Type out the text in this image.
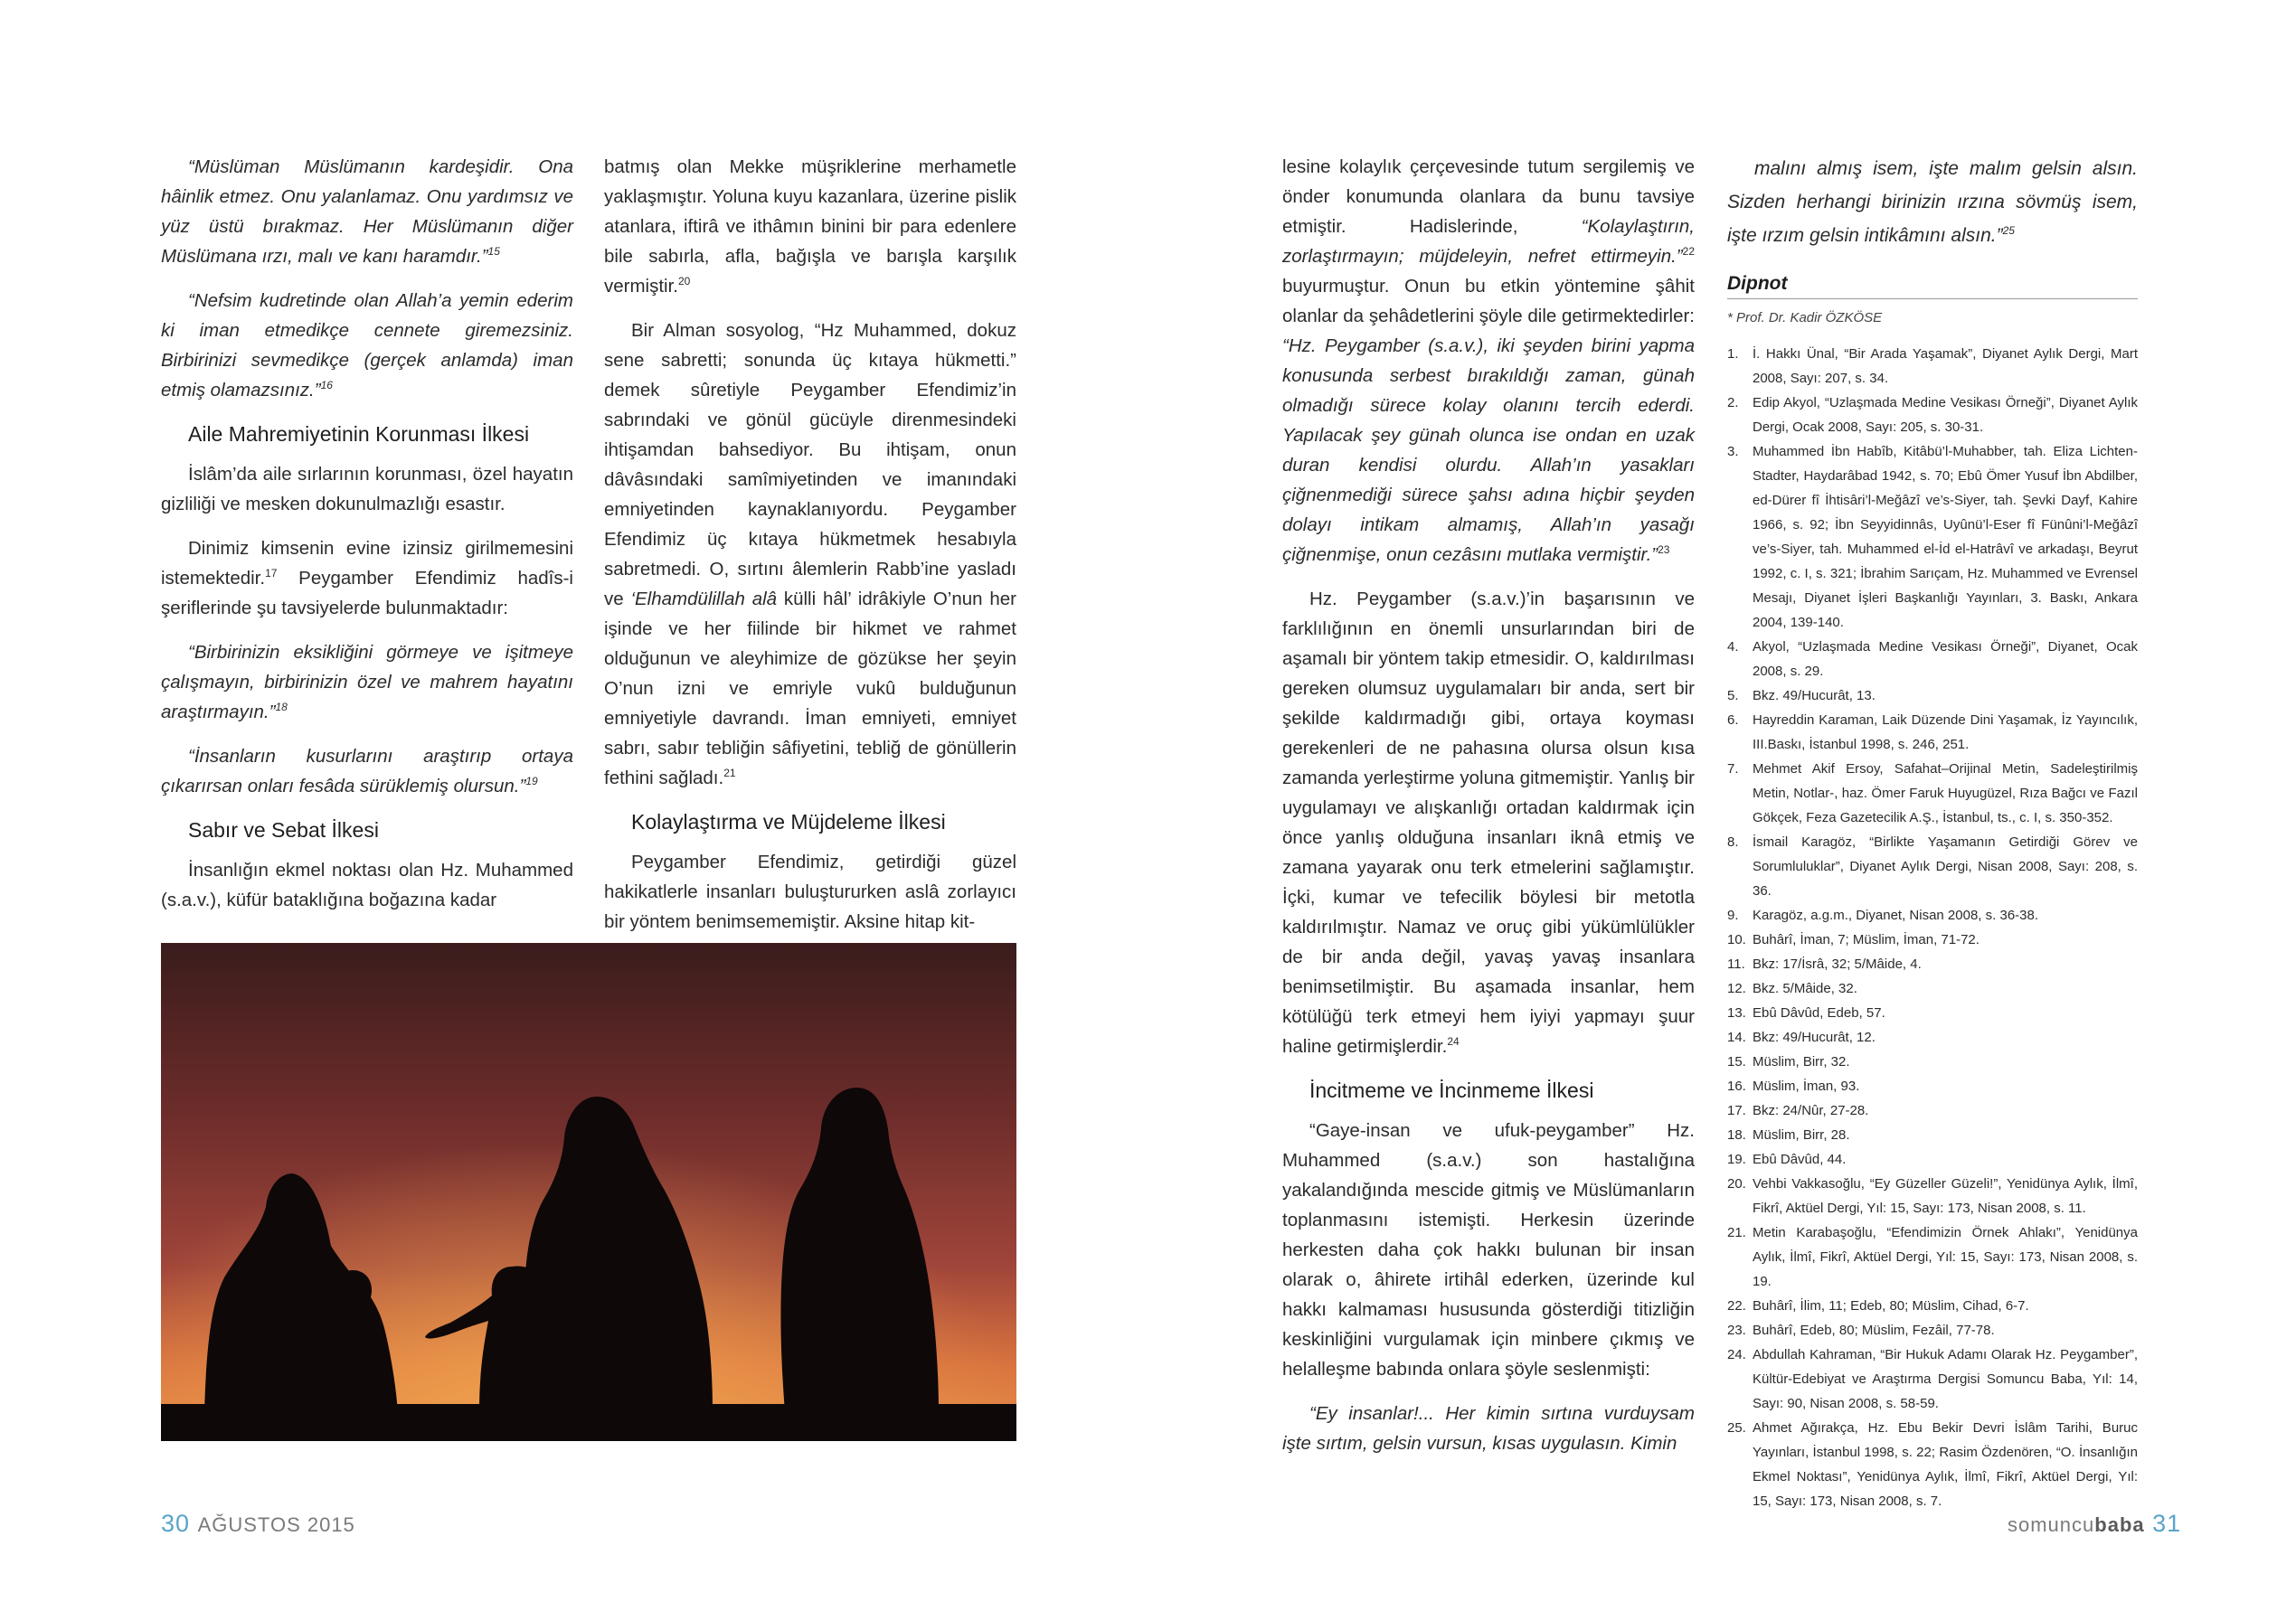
“Müslüman Müslümanın kardeşidir. Ona hâinlik etmez. Onu yalanlamaz. Onu yardımsız ve yüz üstü bırakmaz. Her Müslümanın diğer Müslümana ırzı, malı ve kanı haramdır.”$^{15}$

“Nefsim kudretinde olan Allah’a yemin ederim ki iman etmedikçe cennete giremezsiniz. Birbirinizi sevmedikçe (gerçek anlamda) iman etmiş olamazsınız.”$^{16}$

Aile Mahremiyetinin Korunması İlkesi

İslâm’da aile sırlarının korunması, özel hayatın gizliliği ve mesken dokunulmazlığı esastır.

Dinimiz kimsenin evine izinsiz girilmemesini istemektedir.$^{17}$ Peygamber Efendimiz hadîs-i şeriflerinde şu tavsiyelerde bulunmaktadır:

“Birbirinizin eksikliğini görmeye ve işitmeye çalışmayın, birbirinizin özel ve mahrem hayatını araştırmayın.”$^{18}$

“İnsanların kusurlarını araştırıp ortaya çıkarırsan onları fesâda sürüklemiş olursun.”$^{19}$

Sabır ve Sebat İlkesi

İnsanlığın ekmel noktası olan Hz. Muhammed (s.a.v.), küfür bataklığına boğazına kadar

batmış olan Mekke müşriklerine merhametle yaklaşmıştır. Yoluna kuyu kazanlara, üzerine pislik atanlara, iftirâ ve ithâmın binini bir para edenlere bile sabırla, afla, bağışla ve barışla karşılık vermiştir.$^{20}$

Bir Alman sosyolog, “Hz Muhammed, dokuz sene sabretti; sonunda üç kıtaya hükmetti.” demek sûretiyle Peygamber Efendimiz’in sabrındaki ve gönül gücüyle direnmesindeki ihtişamdan bahsediyor. Bu ihtişam, onun dâvâsındaki samîmiyetinden ve imanındaki emniyetinden kaynaklanıyordu. Peygamber Efendimiz üç kıtaya hükmetmek hesabıyla sabretmedi. O, sırtını âlemlerin Rabb’ine yasladı ve ‘Elhamdülillah alâ külli hâl’ idrâkiyle O’nun her işinde ve her fiilinde bir hikmet ve rahmet olduğunun ve aleyhimize de gözükse her şeyin O’nun izni ve emriyle vukû bulduğunun emniyetiyle davrandı. İman emniyeti, emniyet sabrı, sabır tebliğin sâfiyetini, tebliğ de gönüllerin fethini sağladı.$^{21}$

Kolaylaştırma ve Müjdeleme İlkesi

Peygamber Efendimiz, getirdiği güzel hakikatlerle insanları buluştururken aslâ zorlayıcı bir yöntem benimsememiştir. Aksine hitap kit-

30 AĞUSTOS 2015

lesine kolaylık çerçevesinde tutum sergilemiş ve önder konumunda olanlara da bunu tavsiye etmiştir. Hadislerinde, “Kolaylaştırın, zorlaştırmayın; müjdeleyin, nefret ettirmeyin.”$^{22}$ buyurmuştur. Onun bu etkin yöntemine şâhit olanlar da şehâdetlerini şöyle dile getirmektedirler: “Hz. Peygamber (s.a.v.), iki şeyden birini yapma konusunda serbest bırakıldığı zaman, günah olmadığı sürece kolay olanını tercih ederdi. Yapılacak şey günah olunca ise ondan en uzak duran kendisi olurdu. Allah’ın yasakları çiğnenmediği sürece şahsı adına hiçbir şeyden dolayı intikam almamış, Allah’ın yasağı çiğnenmişe, onun cezâsını mutlaka vermiştir.”$^{23}$

Hz. Peygamber (s.a.v.)’in başarısının ve farklılığının en önemli unsurlarından biri de aşamalı bir yöntem takip etmesidir. O, kaldırılması gereken olumsuz uygulamaları bir anda, sert bir şekilde kaldırmadığı gibi, ortaya koyması gerekenleri de ne pahasına olursa olsun kısa zamanda yerleştirme yoluna gitmemiştir. Yanlış bir uygulamayı ve alışkanlığı ortadan kaldırmak için önce yanlış olduğuna insanları iknâ etmiş ve zamana yayarak onu terk etmelerini sağlamıştır. İçki, kumar ve tefecilik böylesi bir metotla kaldırılmıştır. Namaz ve oruç gibi yükümlülükler de bir anda değil, yavaş yavaş insanlara benimsetilmiştir. Bu aşamada insanlar, hem kötülüğü terk etmeyi hem iyiyi yapmayı şuur haline getirmişlerdir.$^{24}$

İncitmeme ve İncinmeme İlkesi

“Gaye-insan ve ufuk-peygamber” Hz. Muhammed (s.a.v.) son hastalığına yakalandığında mescide gitmiş ve Müslümanların toplanmasını istemişti. Herkesin üzerinde herkesten daha çok hakkı bulunan bir insan olarak o, âhirete irtihâl ederken, üzerinde kul hakkı kalmaması hususunda gösterdiği titizliğin keskinliğini vurgulamak için minbere çıkmış ve helalleşme babında onlara şöyle seslenmişti:

“Ey insanlar!... Her kimin sırtına vurduysam işte sırtım, gelsin vursun, kısas uygulasın. Kimin

malını almış isem, işte malım gelsin alsın. Sizden herhangi birinizin ırzına sövmüş isem, işte ırzım gelsin intikâmını alsın.”$^{25}$

Dipnot
* Prof. Dr. Kadir ÖZKÖSE
1.	İ. Hakkı Ünal, “Bir Arada Yaşamak”, Diyanet Aylık Dergi, Mart 2008, Sayı: 207, s. 34.
2.	Edip Akyol, “Uzlaşmada Medine Vesikası Örneği”, Diyanet Aylık Dergi, Ocak 2008, Sayı: 205, s. 30-31.
3.	Muhammed İbn Habîb, Kitâbü’l-Muhabber, tah. Eliza Lichten-Stadter, Haydarâbad 1942, s. 70; Ebû Ömer Yusuf İbn Abdilber, ed-Dürer fî İhtisâri’l-Meğâzî ve’s-Siyer, tah. Şevki Dayf, Kahire 1966, s. 92; İbn Seyyidinnâs, Uyûnü’l-Eser fî Fünûni’l-Meğâzî ve’s-Siyer, tah. Muhammed el-İd el-Hatrâvî ve arkadaşı, Beyrut 1992, c. I, s. 321; İbrahim Sarıçam, Hz. Muhammed ve Evrensel Mesajı, Diyanet İşleri Başkanlığı Yayınları, 3. Baskı, Ankara 2004, 139-140.
4.	Akyol, “Uzlaşmada Medine Vesikası Örneği”, Diyanet, Ocak 2008, s. 29.
5.	Bkz. 49/Hucurât, 13.
6.	Hayreddin Karaman, Laik Düzende Dini Yaşamak, İz Yayıncılık, III.Baskı, İstanbul 1998, s. 246, 251.
7.	Mehmet Akif Ersoy, Safahat–Orijinal Metin, Sadeleştirilmiş Metin, Notlar-, haz. Ömer Faruk Huyugüzel, Rıza Bağcı ve Fazıl Gökçek, Feza Gazetecilik A.Ş., İstanbul, ts., c. I, s. 350-352.
8.	İsmail Karagöz, “Birlikte Yaşamanın Getirdiği Görev ve Sorumluluklar”, Diyanet Aylık Dergi, Nisan 2008, Sayı: 208, s. 36.
9.	Karagöz, a.g.m., Diyanet, Nisan 2008, s. 36-38.
10. Buhârî, İman, 7; Müslim, İman, 71-72.
11. Bkz: 17/İsrâ, 32; 5/Mâide, 4.
12. Bkz. 5/Mâide, 32.
13. Ebû Dâvûd, Edeb, 57.
14. Bkz: 49/Hucurât, 12.
15. Müslim, Birr, 32.
16. Müslim, İman, 93.
17. Bkz: 24/Nûr, 27-28.
18. Müslim, Birr, 28.
19. Ebû Dâvûd, 44.
20. Vehbi Vakkasoğlu, “Ey Güzeller Güzeli!”, Yenidünya Aylık, İlmî, Fikrî, Aktüel Dergi, Yıl: 15, Sayı: 173, Nisan 2008, s. 11.
21. Metin Karabaşoğlu, “Efendimizin Örnek Ahlakı”, Yenidünya Aylık, İlmî, Fikrî, Aktüel Dergi, Yıl: 15, Sayı: 173, Nisan 2008, s. 19.
22. Buhârî, İlim, 11; Edeb, 80; Müslim, Cihad, 6-7.
23. Buhârî, Edeb, 80; Müslim, Fezâil, 77-78.
24. Abdullah Kahraman, “Bir Hukuk Adamı Olarak Hz. Peygamber”, Kültür-Edebiyat ve Araştırma Dergisi Somuncu Baba, Yıl: 14, Sayı: 90, Nisan 2008, s. 58-59.
25. Ahmet Ağırakça, Hz. Ebu Bekir Devri İslâm Tarihi, Buruc Yayınları, İstanbul 1998, s. 22; Rasim Özdenören, “O. İnsanlığın Ekmel Noktası”, Yenidünya Aylık, İlmî, Fikrî, Aktüel Dergi, Yıl: 15, Sayı: 173, Nisan 2008, s. 7.
somuncubaba 31
